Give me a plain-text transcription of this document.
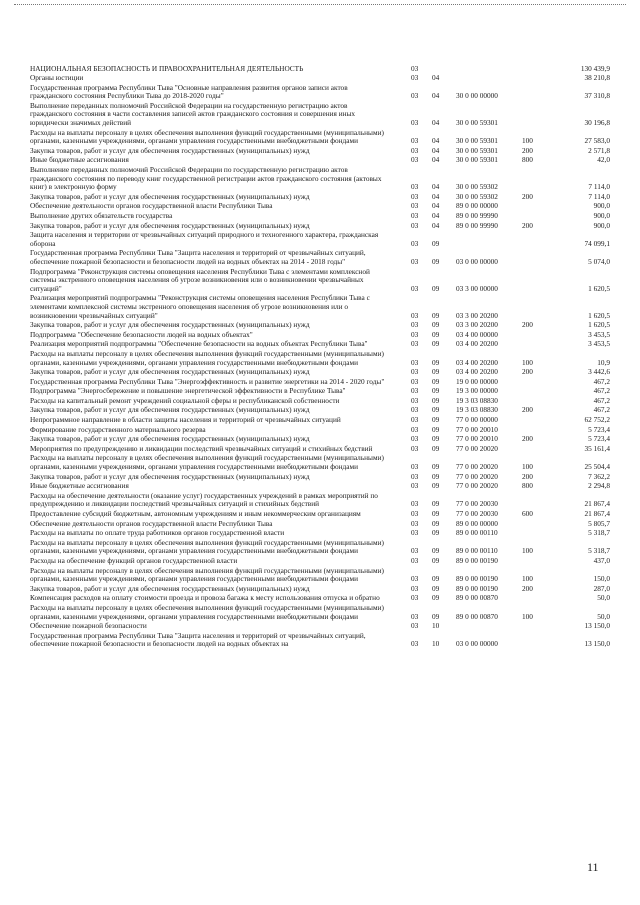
НАЦИОНАЛЬНАЯ БЕЗОПАСНОСТЬ И ПРАВООХРАНИТЕЛЬНАЯ ДЕЯТЕЛЬНОСТЬ	03	130 439,9
Органы юстиции	03 04	38 210,8
Государственная программа Республики Тыва "Основные направления развития органов записи актов гражданского состояния Республики Тыва до 2018-2020 годы"	03 04 30 0 00 00000	37 310,8
Выполнение переданных полномочий Российской Федерации на государственную регистрацию актов гражданского состояния в части составления записей актов гражданского состояния и совершения иных юридически значимых действий	03 04 30 0 00 59301	30 196,8
Расходы на выплаты персоналу в целях обеспечения выполнения функций государственными (муниципальными) органами, казенными учреждениями, органами управления государственными внебюджетными фондами	03 04 30 0 00 59301	100	27 583,0
Закупка товаров, работ и услуг для обеспечения государственных (муниципальных) нужд	03 04 30 0 00 59301	200	2 571,8
Иные бюджетные ассигнования	03 04 30 0 00 59301	800	42,0
Выполнение переданных полномочий Российской Федерации по государственную регистрацию актов гражданского состояния по переводу книг государственной регистрации актов гражданского состояния (актовых книг) в электронную форму	03 04 30 0 00 59302	7 114,0
Закупка товаров, работ и услуг для обеспечения государственных (муниципальных) нужд	03 04 30 0 00 59302	200	7 114,0
Обеспечение деятельности органов государственной власти Республики Тыва	03 04 89 0 00 00000	900,0
Выполнение других обязательств государства	03 04 89 0 00 99990	900,0
Закупка товаров, работ и услуг для обеспечения государственных (муниципальных) нужд	03 04 89 0 00 99990	200	900,0
Защита населения и территории от чрезвычайных ситуаций природного и техногенного характера, гражданская оборона	03 09	74 099,1
Государственная программа Республики Тыва "Защита населения и территорий от чрезвычайных ситуаций, обеспечение пожарной безопасности и безопасности людей на водных объектах на 2014 - 2018 годы"	03 09 03 0 00 00000	5 074,0
Подпрограмма "Реконструкция системы оповещения населения Республики Тыва с элементами комплексной системы экстренного оповещения населения об угрозе возникновения или о возникновении чрезвычайных ситуаций"	03 09 03 3 00 00000	1 620,5
Реализация мероприятий подпрограммы "Реконструкция системы оповещения населения Республики Тыва с элементами комплексной системы экстренного оповещения населения об угрозе возникновения или о возникновении чрезвычайных ситуаций"	03 09 03 3 00 20200	1 620,5
Закупка товаров, работ и услуг для обеспечения государственных (муниципальных) нужд	03 09 03 3 00 20200	200	1 620,5
Подпрограмма "Обеспечение безопасности людей на водных объектах"	03 09 03 4 00 00000	3 453,5
Реализация мероприятий подпрограммы "Обеспечение безопасности на водных объектах Республики Тыва"	03 09 03 4 00 20200	3 453,5
Расходы на выплаты персоналу в целях обеспечения выполнения функций государственными (муниципальными) органами, казенными учреждениями, органами управления государственными внебюджетными фондами	03 09 03 4 00 20200	100	10,9
Закупка товаров, работ и услуг для обеспечения государственных (муниципальных) нужд	03 09 03 4 00 20200	200	3 442,6
Государственная программа Республики Тыва "Энергоэффективность и развитие энергетики на 2014 - 2020 годы"	03 09 19 0 00 00000	467,2
Подпрограмма "Энергосбережение и повышение энергетической эффективности в Республике Тыва"	03 09 19 3 00 00000	467,2
Расходы на капитальный ремонт учреждений социальной сферы и республиканской собственности	03 09 19 3 03 08830	467,2
Закупка товаров, работ и услуг для обеспечения государственных (муниципальных) нужд	03 09 19 3 03 08830	200	467,2
Непрограммное направление в области защиты населения и территорий от чрезвычайных ситуаций	03 09 77 0 00 00000	62 752,2
Формирование государственного материального резерва	03 09 77 0 00 20010	5 723,4
Закупка товаров, работ и услуг для обеспечения государственных (муниципальных) нужд	03 09 77 0 00 20010	200	5 723,4
Мероприятия по предупреждению и ликвидации последствий чрезвычайных ситуаций и стихийных бедствий	03 09 77 0 00 20020	35 161,4
Расходы на выплаты персоналу в целях обеспечения выполнения функций государственными (муниципальными) органами, казенными учреждениями, органами управления государственными внебюджетными фондами	03 09 77 0 00 20020	100	25 504,4
Закупка товаров, работ и услуг для обеспечения государственных (муниципальных) нужд	03 09 77 0 00 20020	200	7 362,2
Иные бюджетные ассигнования	03 09 77 0 00 20020	800	2 294,8
Расходы на обеспечение деятельности (оказание услуг) государственных учреждений в рамках мероприятий по предупреждению и ликвидации последствий чрезвычайных ситуаций и стихийных бедствий	03 09 77 0 00 20030	21 867,4
Предоставление субсидий бюджетным, автономным учреждениям и иным некоммерческим организациям	03 09 77 0 00 20030	600	21 867,4
Обеспечение деятельности органов государственной власти Республики Тыва	03 09 89 0 00 00000	5 805,7
Расходы на выплаты по оплате труда работников органов государственной власти	03 09 89 0 00 00110	5 318,7
Расходы на выплаты персоналу в целях обеспечения выполнения функций государственными (муниципальными) органами, казенными учреждениями, органами управления государственными внебюджетными фондами	03 09 89 0 00 00110	100	5 318,7
Расходы на обеспечение функций органов государственной власти	03 09 89 0 00 00190	437,0
Расходы на выплаты персоналу в целях обеспечения выполнения функций государственными (муниципальными) органами, казенными учреждениями, органами управления государственными внебюджетными фондами	03 09 89 0 00 00190	100	150,0
Закупка товаров, работ и услуг для обеспечения государственных (муниципальных) нужд	03 09 89 0 00 00190	200	287,0
Компенсация расходов на оплату стоимости проезда и провоза багажа к месту использования отпуска и обратно	03 09 89 0 00 00870	50,0
Расходы на выплаты персоналу в целях обеспечения выполнения функций государственными (муниципальными) органами, казенными учреждениями, органами управления государственными внебюджетными фондами	03 09 89 0 00 00870	100	50,0
Обеспечение пожарной безопасности	03 10	13 150,0
Государственная программа Республики Тыва "Защита населения и территорий от чрезвычайных ситуаций, обеспечение пожарной безопасности и безопасности людей на водных объектах на	03 10 03 0 00 00000	13 150,0
11
